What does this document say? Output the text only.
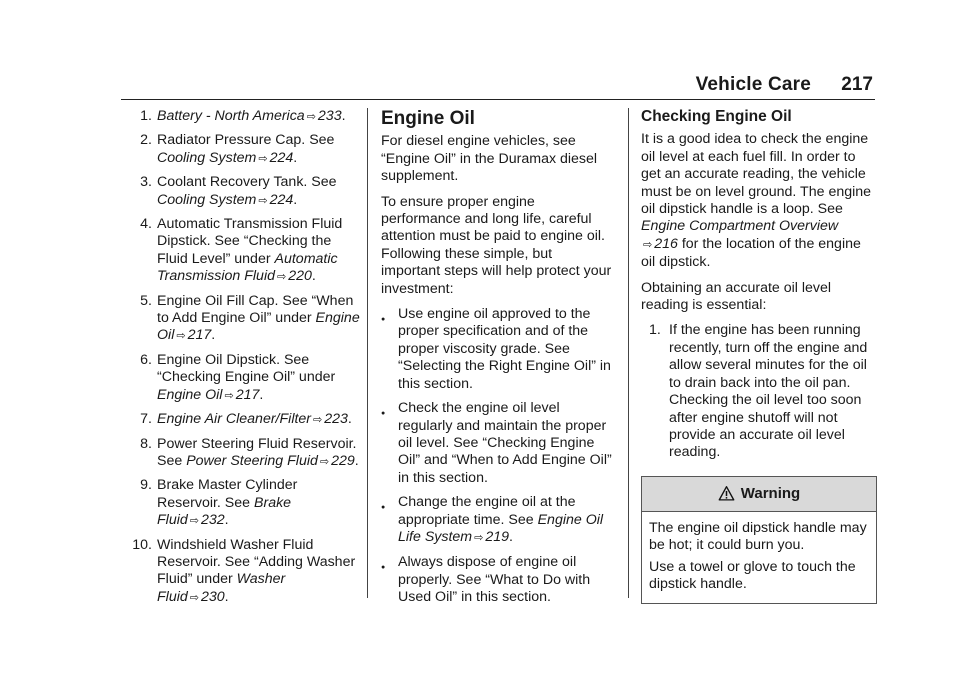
Vehicle Care 217
1. Battery - North America ⇨ 233.
2. Radiator Pressure Cap. See Cooling System ⇨ 224.
3. Coolant Recovery Tank. See Cooling System ⇨ 224.
4. Automatic Transmission Fluid Dipstick. See “Checking the Fluid Level” under Automatic Transmission Fluid ⇨ 220.
5. Engine Oil Fill Cap. See “When to Add Engine Oil” under Engine Oil ⇨ 217.
6. Engine Oil Dipstick. See “Checking Engine Oil” under Engine Oil ⇨ 217.
7. Engine Air Cleaner/Filter ⇨ 223.
8. Power Steering Fluid Reservoir. See Power Steering Fluid ⇨ 229.
9. Brake Master Cylinder Reservoir. See Brake Fluid ⇨ 232.
10. Windshield Washer Fluid Reservoir. See “Adding Washer Fluid” under Washer Fluid ⇨ 230.
Engine Oil

For diesel engine vehicles, see “Engine Oil” in the Duramax diesel supplement.

To ensure proper engine performance and long life, careful attention must be paid to engine oil. Following these simple, but important steps will help protect your investment:

● Use engine oil approved to the proper specification and of the proper viscosity grade. See “Selecting the Right Engine Oil” in this section.
● Check the engine oil level regularly and maintain the proper oil level. See “Checking Engine Oil” and “When to Add Engine Oil” in this section.
● Change the engine oil at the appropriate time. See Engine Oil Life System ⇨ 219.
● Always dispose of engine oil properly. See “What to Do with Used Oil” in this section.
Checking Engine Oil

It is a good idea to check the engine oil level at each fuel fill. In order to get an accurate reading, the vehicle must be on level ground. The engine oil dipstick handle is a loop. See Engine Compartment Overview ⇨ 216 for the location of the engine oil dipstick.

Obtaining an accurate oil level reading is essential:

1. If the engine has been running recently, turn off the engine and allow several minutes for the oil to drain back into the oil pan. Checking the oil level too soon after engine shutoff will not provide an accurate oil level reading.
Warning

The engine oil dipstick handle may be hot; it could burn you.

Use a towel or glove to touch the dipstick handle.
